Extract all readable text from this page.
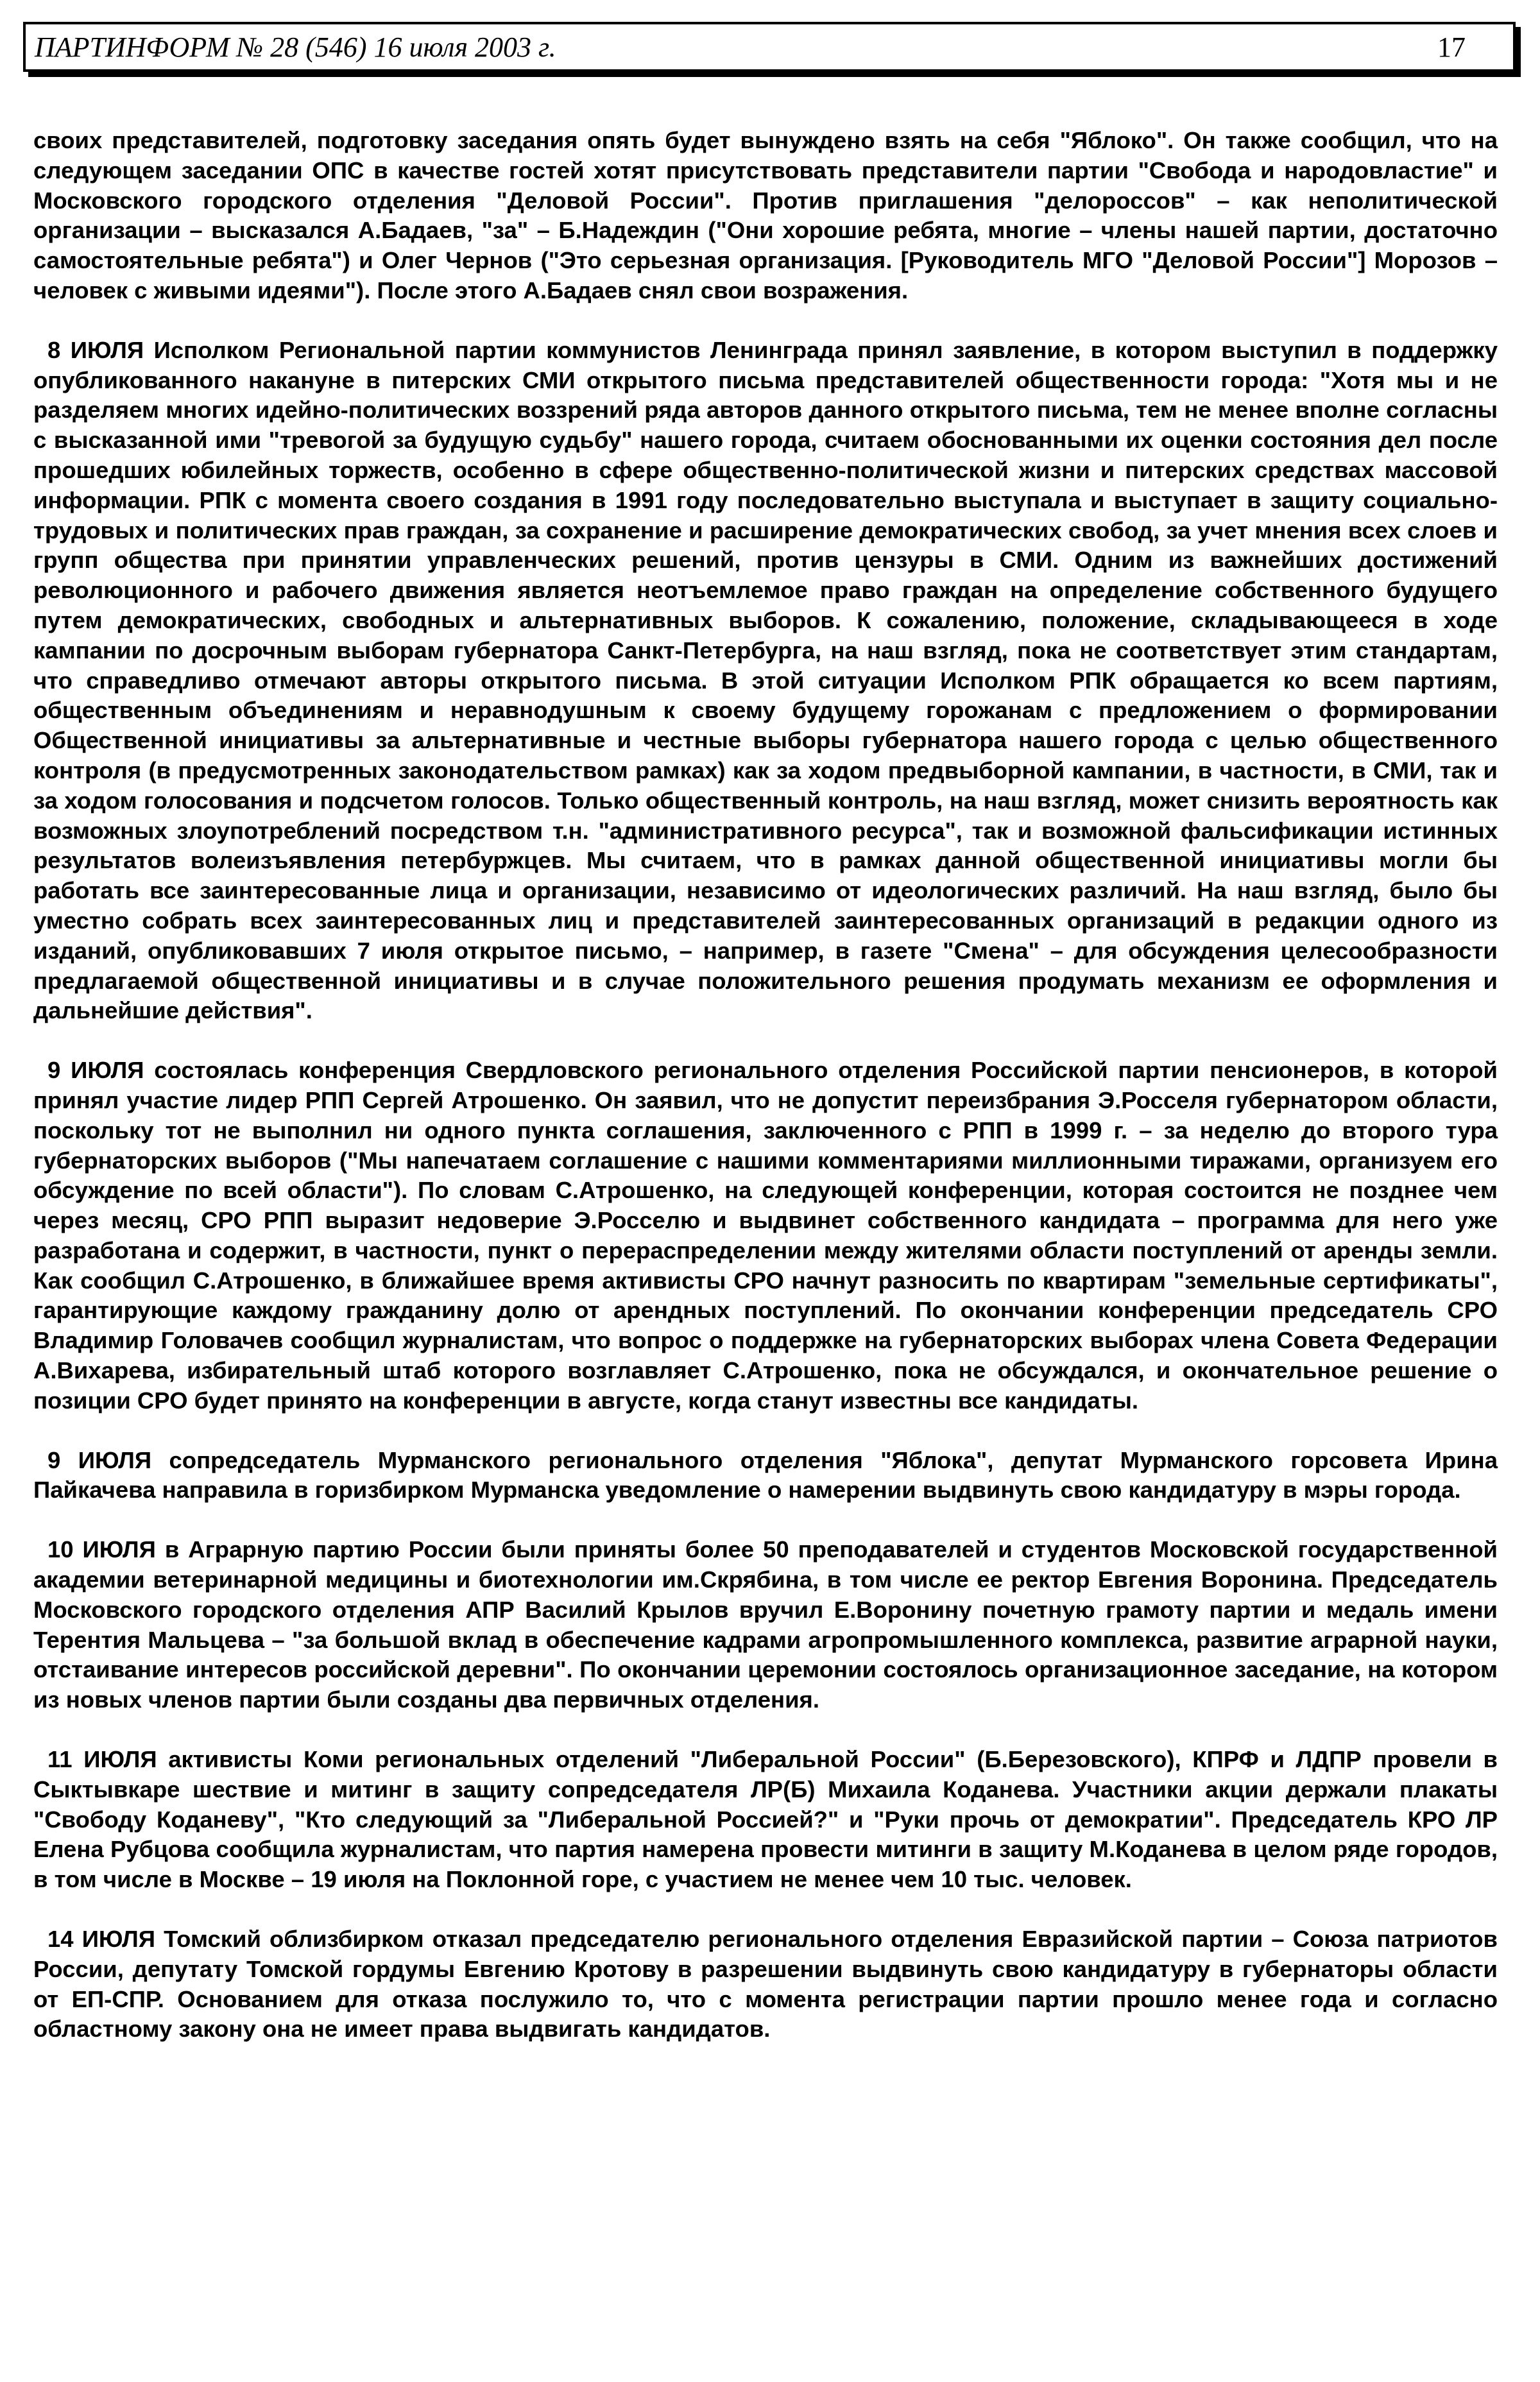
ПАРТИНФОРМ № 28 (546) 16 июля 2003 г.	17

своих представителей, подготовку заседания опять будет вынуждено взять на себя "Яблоко". Он также сообщил, что на следующем заседании ОПС в качестве гостей хотят присутствовать представители партии "Свобода и народовластие" и Московского городского отделения "Деловой России". Против приглашения "делороссов" – как неполитической организации – высказался А.Бадаев, "за" – Б.Надеждин ("Они хорошие ребята, многие – члены нашей партии, достаточно самостоятельные ребята") и Олег Чернов ("Это серьезная организация. [Руководитель МГО "Деловой России"] Морозов – человек с живыми идеями"). После этого А.Бадаев снял свои возражения.

8 ИЮЛЯ Исполком Региональной партии коммунистов Ленинграда принял заявление, в котором выступил в поддержку опубликованного накануне в питерских СМИ открытого письма представителей общественности города: "Хотя мы и не разделяем многих идейно-политических воззрений ряда авторов данного открытого письма, тем не менее вполне согласны с высказанной ими "тревогой за будущую судьбу" нашего города, считаем обоснованными их оценки состояния дел после прошедших юбилейных торжеств, особенно в сфере общественно-политической жизни и питерских средствах массовой информации. РПК с момента своего создания в 1991 году последовательно выступала и выступает в защиту социально-трудовых и политических прав граждан, за сохранение и расширение демократических свобод, за учет мнения всех слоев и групп общества при принятии управленческих решений, против цензуры в СМИ. Одним из важнейших достижений революционного и рабочего движения является неотъемлемое право граждан на определение собственного будущего путем демократических, свободных и альтернативных выборов. К сожалению, положение, складывающееся в ходе кампании по досрочным выборам губернатора Санкт-Петербурга, на наш взгляд, пока не соответствует этим стандартам, что справедливо отмечают авторы открытого письма. В этой ситуации Исполком РПК обращается ко всем партиям, общественным объединениям и неравнодушным к своему будущему горожанам с предложением о формировании Общественной инициативы за альтернативные и честные выборы губернатора нашего города с целью общественного контроля (в предусмотренных законодательством рамках) как за ходом предвыборной кампании, в частности, в СМИ, так и за ходом голосования и подсчетом голосов. Только общественный контроль, на наш взгляд, может снизить вероятность как возможных злоупотреблений посредством т.н. "административного ресурса", так и возможной фальсификации истинных результатов волеизъявления петербуржцев. Мы считаем, что в рамках данной общественной инициативы могли бы работать все заинтересованные лица и организации, независимо от идеологических различий. На наш взгляд, было бы уместно собрать всех заинтересованных лиц и представителей заинтересованных организаций в редакции одного из изданий, опубликовавших 7 июля открытое письмо, – например, в газете "Смена" – для обсуждения целесообразности предлагаемой общественной инициативы и в случае положительного решения продумать механизм ее оформления и дальнейшие действия".

9 ИЮЛЯ состоялась конференция Свердловского регионального отделения Российской партии пенсионеров, в которой принял участие лидер РПП Сергей Атрошенко. Он заявил, что не допустит переизбрания Э.Росселя губернатором области, поскольку тот не выполнил ни одного пункта соглашения, заключенного с РПП в 1999 г. – за неделю до второго тура губернаторских выборов ("Мы напечатаем соглашение с нашими комментариями миллионными тиражами, организуем его обсуждение по всей области"). По словам С.Атрошенко, на следующей конференции, которая состоится не позднее чем через месяц, СРО РПП выразит недоверие Э.Росселю и выдвинет собственного кандидата – программа для него уже разработана и содержит, в частности, пункт о перераспределении между жителями области поступлений от аренды земли. Как сообщил С.Атрошенко, в ближайшее время активисты СРО начнут разносить по квартирам "земельные сертификаты", гарантирующие каждому гражданину долю от арендных поступлений. По окончании конференции председатель СРО Владимир Головачев сообщил журналистам, что вопрос о поддержке на губернаторских выборах члена Совета Федерации А.Вихарева, избирательный штаб которого возглавляет С.Атрошенко, пока не обсуждался, и окончательное решение о позиции СРО будет принято на конференции в августе, когда станут известны все кандидаты.

9 ИЮЛЯ сопредседатель Мурманского регионального отделения "Яблока", депутат Мурманского горсовета Ирина Пайкачева направила в горизбирком Мурманска уведомление о намерении выдвинуть свою кандидатуру в мэры города.

10 ИЮЛЯ в Аграрную партию России были приняты более 50 преподавателей и студентов Московской государственной академии ветеринарной медицины и биотехнологии им.Скрябина, в том числе ее ректор Евгения Воронина. Председатель Московского городского отделения АПР Василий Крылов вручил Е.Воронину почетную грамоту партии и медаль имени Терентия Мальцева – "за большой вклад в обеспечение кадрами агропромышленного комплекса, развитие аграрной науки, отстаивание интересов российской деревни". По окончании церемонии состоялось организационное заседание, на котором из новых членов партии были созданы два первичных отделения.

11 ИЮЛЯ активисты Коми региональных отделений "Либеральной России" (Б.Березовского), КПРФ и ЛДПР провели в Сыктывкаре шествие и митинг в защиту сопредседателя ЛР(Б) Михаила Коданева. Участники акции держали плакаты "Свободу Коданеву", "Кто следующий за "Либеральной Россией?" и "Руки прочь от демократии". Председатель КРО ЛР Елена Рубцова сообщила журналистам, что партия намерена провести митинги в защиту М.Коданева в целом ряде городов, в том числе в Москве – 19 июля на Поклонной горе, с участием не менее чем 10 тыс. человек.

14 ИЮЛЯ Томский облизбирком отказал председателю регионального отделения Евразийской партии – Союза патриотов России, депутату Томской гордумы Евгению Кротову в разрешении выдвинуть свою кандидатуру в губернаторы области от ЕП-СПР. Основанием для отказа послужило то, что с момента регистрации партии прошло менее года и согласно областному закону она не имеет права выдвигать кандидатов.
